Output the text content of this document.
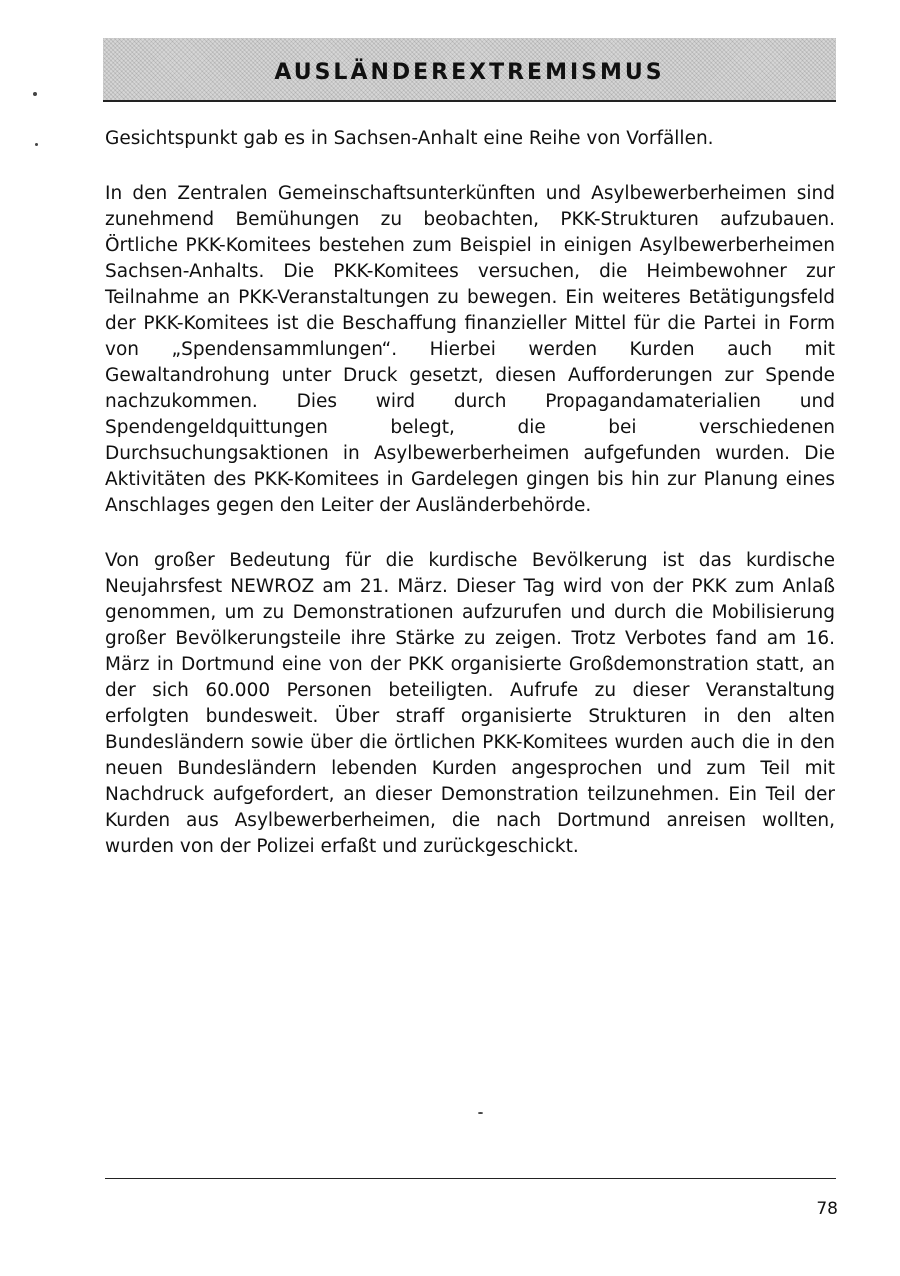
AUSLÄNDEREXTREMISMUS

Gesichtspunkt gab es in Sachsen-Anhalt eine Reihe von Vorfällen.

In den Zentralen Gemeinschaftsunterkünften und Asylbewerberheimen sind zunehmend Bemühungen zu beobachten, PKK-Strukturen aufzubauen. Örtliche PKK-Komitees bestehen zum Beispiel in einigen Asylbewerberheimen Sachsen-Anhalts. Die PKK-Komitees versuchen, die Heimbewohner zur Teilnahme an PKK-Veranstaltungen zu bewegen. Ein weiteres Betätigungsfeld der PKK-Komitees ist die Beschaffung finanzieller Mittel für die Partei in Form von „Spendensammlungen“. Hierbei werden Kurden auch mit Gewaltandrohung unter Druck gesetzt, diesen Aufforderungen zur Spende nachzukommen. Dies wird durch Propagandamaterialien und Spendengeldquittungen belegt, die bei verschiedenen Durchsuchungsaktionen in Asylbewerberheimen aufgefunden wurden. Die Aktivitäten des PKK-Komitees in Gardelegen gingen bis hin zur Planung eines Anschlages gegen den Leiter der Ausländerbehörde.

Von großer Bedeutung für die kurdische Bevölkerung ist das kurdische Neujahrsfest NEWROZ am 21. März. Dieser Tag wird von der PKK zum Anlaß genommen, um zu Demonstrationen aufzurufen und durch die Mobilisierung großer Bevölkerungsteile ihre Stärke zu zeigen. Trotz Verbotes fand am 16. März in Dortmund eine von der PKK organisierte Großdemonstration statt, an der sich 60.000 Personen beteiligten. Aufrufe zu dieser Veranstaltung erfolgten bundesweit. Über straff organisierte Strukturen in den alten Bundesländern sowie über die örtlichen PKK-Komitees wurden auch die in den neuen Bundesländern lebenden Kurden angesprochen und zum Teil mit Nachdruck aufgefordert, an dieser Demonstration teilzunehmen. Ein Teil der Kurden aus Asylbewerberheimen, die nach Dortmund anreisen wollten, wurden von der Polizei erfaßt und zurückgeschickt.

78
